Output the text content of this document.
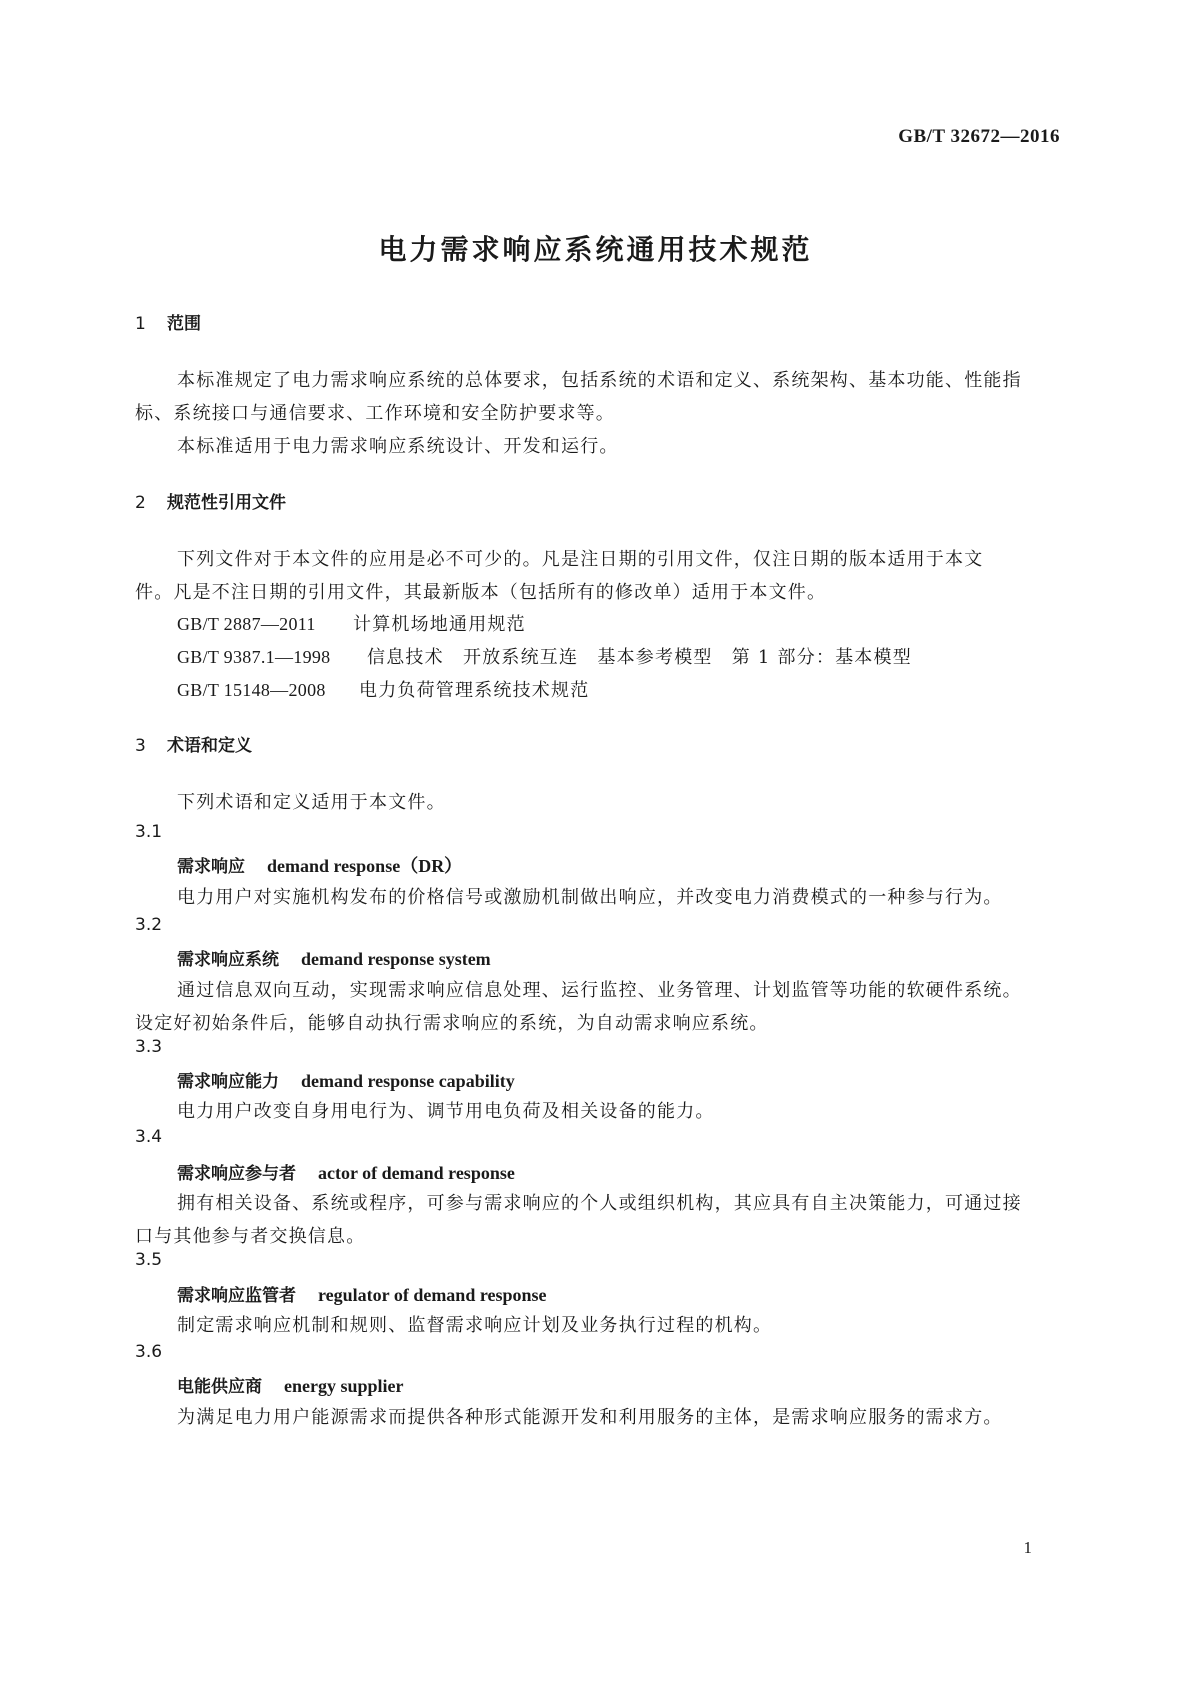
GB/T 32672—2016
电力需求响应系统通用技术规范
1 范围
本标准规定了电力需求响应系统的总体要求，包括系统的术语和定义、系统架构、基本功能、性能指
标、系统接口与通信要求、工作环境和安全防护要求等。
本标准适用于电力需求响应系统设计、开发和运行。
2 规范性引用文件
下列文件对于本文件的应用是必不可少的。凡是注日期的引用文件，仅注日期的版本适用于本文
件。凡是不注日期的引用文件，其最新版本（包括所有的修改单）适用于本文件。
GB/T 2887—2011 计算机场地通用规范
GB/T 9387.1—1998 信息技术　开放系统互连　基本参考模型　第 1 部分：基本模型
GB/T 15148—2008 电力负荷管理系统技术规范
3 术语和定义
下列术语和定义适用于本文件。
3.1
需求响应 demand response（DR）
电力用户对实施机构发布的价格信号或激励机制做出响应，并改变电力消费模式的一种参与行为。
3.2
需求响应系统 demand response system
通过信息双向互动，实现需求响应信息处理、运行监控、业务管理、计划监管等功能的软硬件系统。
设定好初始条件后，能够自动执行需求响应的系统，为自动需求响应系统。
3.3
需求响应能力 demand response capability
电力用户改变自身用电行为、调节用电负荷及相关设备的能力。
3.4
需求响应参与者 actor of demand response
拥有相关设备、系统或程序，可参与需求响应的个人或组织机构，其应具有自主决策能力，可通过接
口与其他参与者交换信息。
3.5
需求响应监管者 regulator of demand response
制定需求响应机制和规则、监督需求响应计划及业务执行过程的机构。
3.6
电能供应商 energy supplier
为满足电力用户能源需求而提供各种形式能源开发和利用服务的主体，是需求响应服务的需求方。
1
